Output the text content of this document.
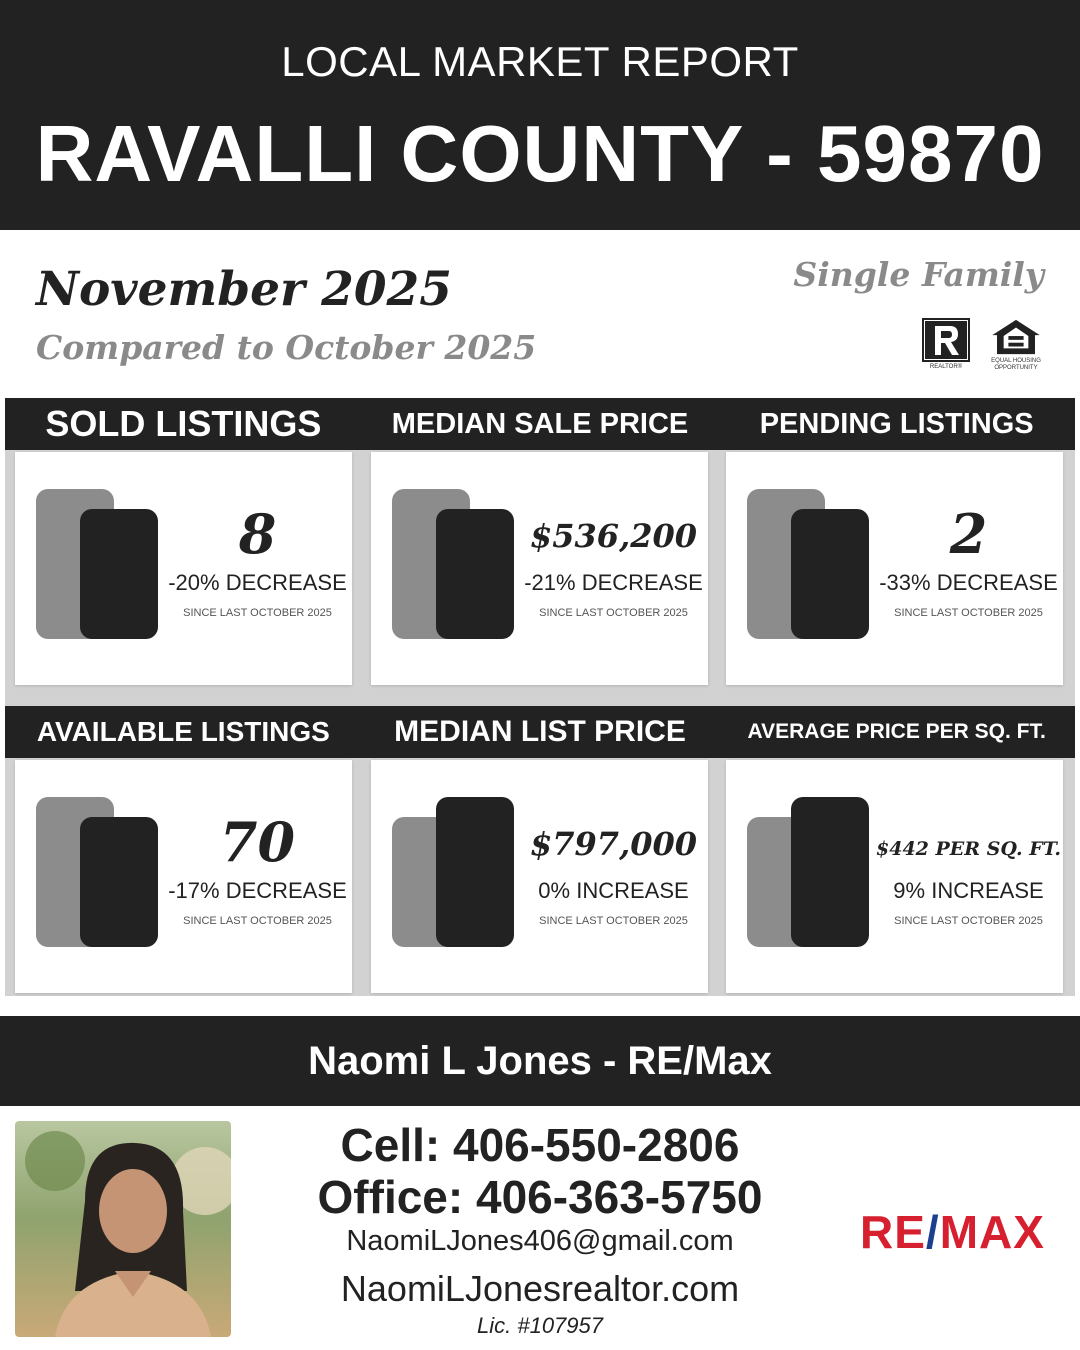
LOCAL MARKET REPORT
RAVALLI COUNTY - 59870
November 2025
Compared to October 2025
Single Family
REALTOR®
EQUAL HOUSING OPPORTUNITY
SOLD LISTINGS	MEDIAN SALE PRICE	PENDING LISTINGS
8
-20% DECREASE
SINCE LAST OCTOBER 2025
$536,200
-21% DECREASE
SINCE LAST OCTOBER 2025
2
-33% DECREASE
SINCE LAST OCTOBER 2025
AVAILABLE LISTINGS	MEDIAN LIST PRICE	AVERAGE PRICE PER SQ. FT.
70
-17% DECREASE
SINCE LAST OCTOBER 2025
$797,000
0% INCREASE
SINCE LAST OCTOBER 2025
$442 PER SQ. FT.
9% INCREASE
SINCE LAST OCTOBER 2025
Naomi L Jones - RE/Max
Cell: 406-550-2806
Office: 406-363-5750
NaomiLJones406@gmail.com
NaomiLJonesrealtor.com
Lic. #107957
RE/MAX
